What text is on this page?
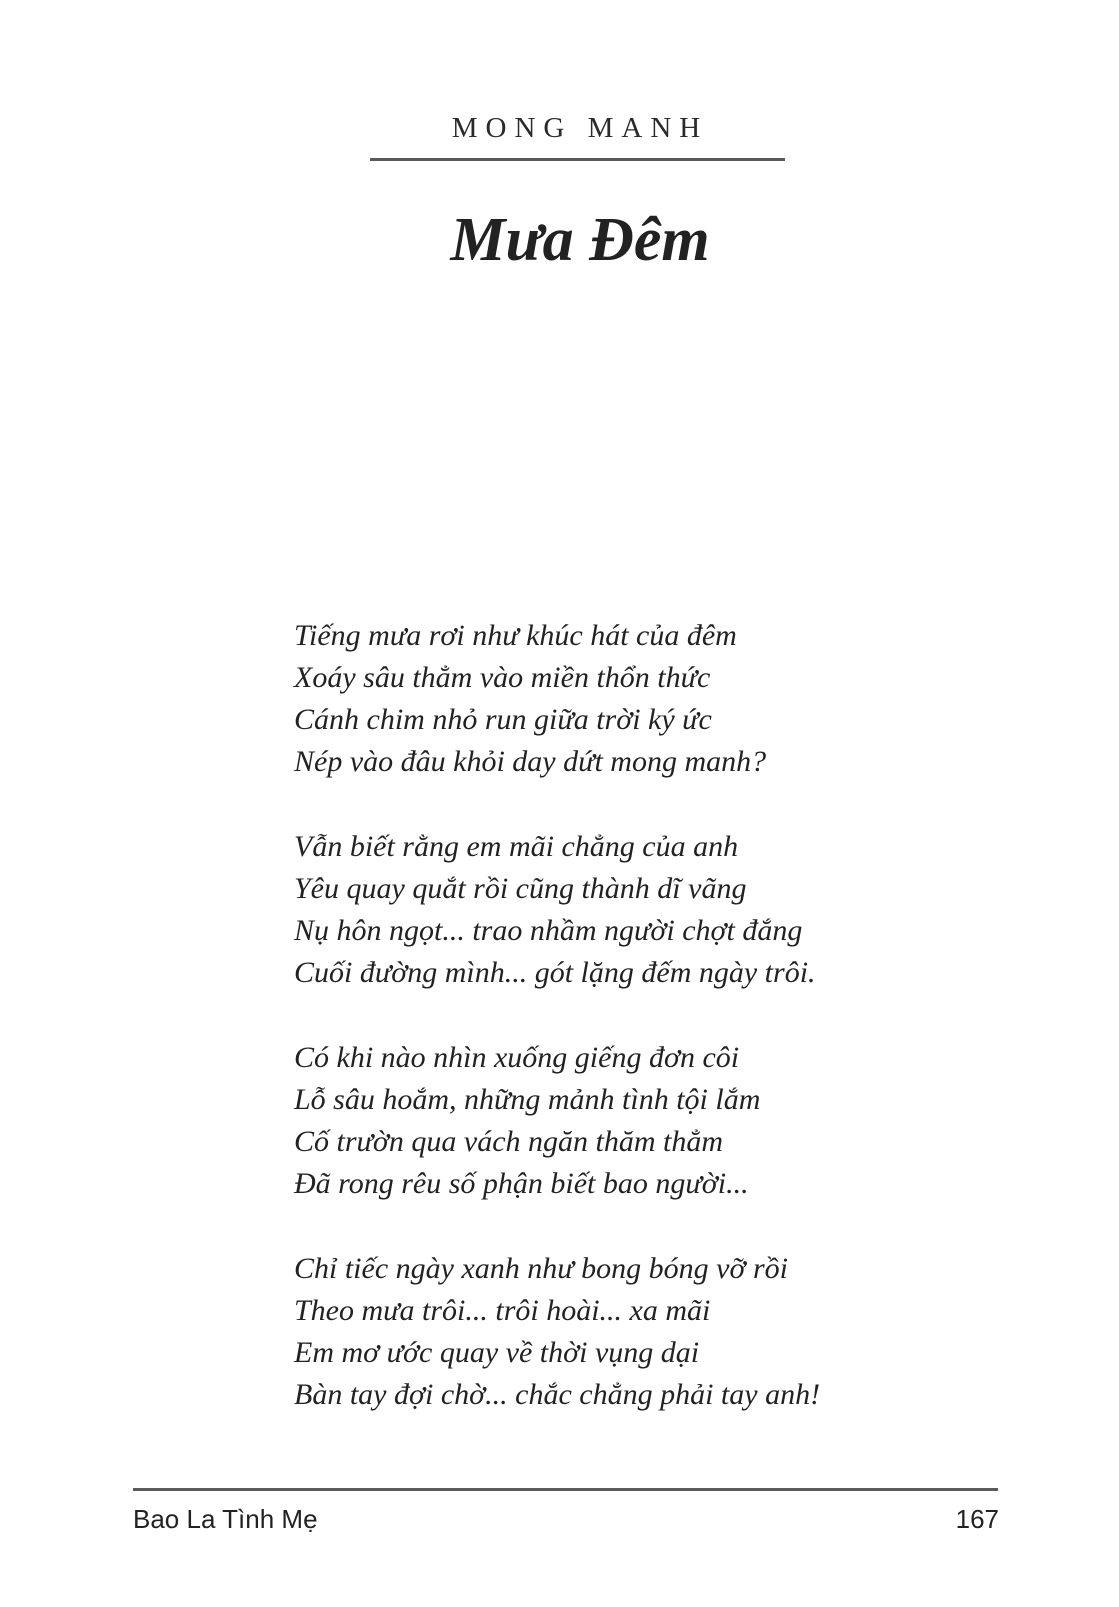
MONG MANH
Mưa Đêm
Tiếng mưa rơi như khúc hát của đêm
Xoáy sâu thẳm vào miền thổn thức
Cánh chim nhỏ run giữa trời ký ức
Nép vào đâu khỏi day dứt mong manh?
Vẫn biết rằng em mãi chẳng của anh
Yêu quay quắt rồi cũng thành dĩ vãng
Nụ hôn ngọt... trao nhầm người chợt đắng
Cuối đường mình... gót lặng đếm ngày trôi.
Có khi nào nhìn xuống giếng đơn côi
Lỗ sâu hoắm, những mảnh tình tội lắm
Cố trườn qua vách ngăn thăm thẳm
Đã rong rêu số phận biết bao người...
Chỉ tiếc ngày xanh như bong bóng vỡ rồi
Theo mưa trôi... trôi hoài... xa mãi
Em mơ ước quay về thời vụng dại
Bàn tay đợi chờ... chắc chẳng phải tay anh!
Bao La Tình Mẹ	167
